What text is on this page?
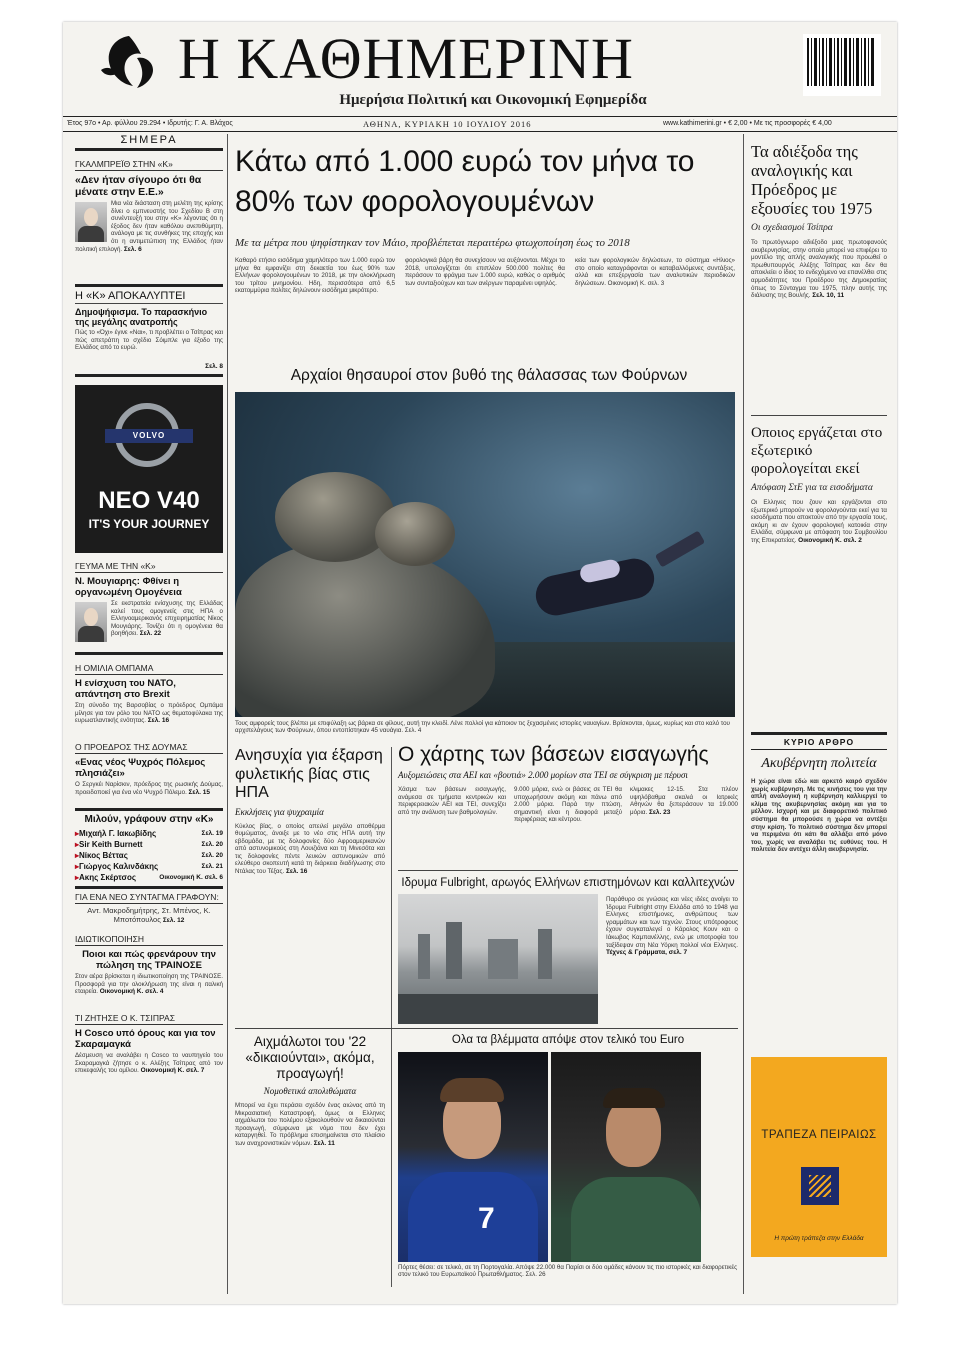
Η ΚΑΘΗΜΕΡΙΝΗ
Ημερήσια Πολιτική και Οικονομική Εφημερίδα
Έτος 97ο • Αρ. φύλλου 29.294 • Ιδρυτής: Γ. Α. Βλάχος	ΑΘΗΝΑ, ΚΥΡΙΑΚΗ 10 ΙΟΥΛΙΟΥ 2016	www.kathimerini.gr • € 2,00 • Με τις προσφορές € 4,00
ΣΗΜΕΡΑ
ΓΚΑΛΜΠΡΕΪΘ ΣΤΗΝ «Κ»
«Δεν ήταν σίγουρο ότι θα μένατε στην Ε.Ε.»
Μια νέα διάσταση στη μελέτη της κρίσης δίνει ο εμπνευστής του Σχεδίου Β στη συνέντευξή του στην «Κ» λέγοντας ότι η έξοδος δεν ήταν καθόλου ανεπιθύμητη, ανάλογα με τις συνθήκες της εποχής και ότι η αντιμετώπιση της Ελλάδος ήταν πολιτική επιλογή. Σελ. 6
Η «Κ» ΑΠΟΚΑΛΥΠΤΕΙ
Δημοψήφισμα. Το παρασκήνιο της μεγάλης ανατροπής
Πώς το «Όχι» έγινε «Ναι», τι προβλέπει ο Τσίπρας και πώς απετράπη το σχέδιο Σόιμπλε για έξοδο της Ελλάδος από το ευρώ.
Σελ. 8
VOLVO
ΝΕΟ V40
IT'S YOUR JOURNEY
ΓΕΥΜΑ ΜΕ ΤΗΝ «Κ»
Ν. Μουγιαρης: Φθίνει η οργανωμένη Ομογένεια
Σε εκστρατεία ενίσχυσης της Ελλάδας καλεί τους ομογενείς στις ΗΠΑ ο Ελληνοαμερικανός επιχειρηματίας Νίκος Μουγιάρης. Τονίζει ότι η ομογένεια θα βοηθήσει. Σελ. 22
Η ΟΜΙΛΙΑ ΟΜΠΑΜΑ
Η ενίσχυση του ΝΑΤΟ, απάντηση στο Brexit
Στη σύνοδο της Βαρσοβίας ο πρόεδρος Ομπάμα μίλησε για τον ρόλο του ΝΑΤΟ ως θεματοφύλακα της ευρωατλαντικής ενότητας. Σελ. 16
Ο ΠΡΟΕΔΡΟΣ ΤΗΣ ΔΟΥΜΑΣ
«Ενας νέος Ψυχρός Πόλεμος πλησιάζει»
Ο Σεργκέι Ναρίσκιν, πρόεδρος της ρωσικής Δούμας, προειδοποιεί για ένα νέο Ψυχρό Πόλεμο. Σελ. 15
Μιλούν, γράφουν στην «Κ»
▸ Μιχαήλ Γ. Ιακωβίδης	Σελ. 19
▸ Sir Keith Burnett	Σελ. 20
▸ Νίκος Βέττας	Σελ. 20
▸ Γιώργος Καλινδάκης	Σελ. 21
▸ Ακης Σκέρτσος	Οικονομική Κ. σελ. 6
ΓΙΑ ΕΝΑ ΝΕΟ ΣΥΝΤΑΓΜΑ ΓΡΑΦΟΥΝ:
Αντ. Μακροδημήτρης, Στ. Μπένος, Κ. Μποτόπουλος Σελ. 12
ΙΔΙΩΤΙΚΟΠΟΙΗΣΗ
Ποιοι και πώς φρενάρουν την πώληση της ΤΡΑΙΝΟΣΕ
Στον αέρα βρίσκεται η ιδιωτικοποίηση της ΤΡΑΙΝΟΣΕ. Προσφορά για την ολοκλήρωση της είναι η ιταλική εταιρεία. Οικονομική Κ. σελ. 4
ΤΙ ΖΗΤΗΣΕ Ο Κ. ΤΣΙΠΡΑΣ
Η Cosco υπό όρους και για τον Σκαραμαγκά
Δέσμευση να αναλάβει η Cosco το ναυπηγείο του Σκαραμαγκά ζήτησε ο κ. Αλέξης Τσίπρας από τον επικεφαλής του ομίλου. Οικονομική Κ. σελ. 7
Κάτω από 1.000 ευρώ τον μήνα το 80% των φορολογουμένων
Με τα μέτρα που ψηφίστηκαν τον Μάιο, προβλέπεται περαιτέρω φτωχοποίηση έως το 2018
Καθαρό ετήσιο εισόδημα χαμηλότερο των 1.000 ευρώ τον μήνα θα εμφανίζει στη δεκαετία του έως 90% των Ελλήνων φορολογουμένων το 2018, με την ολοκλήρωση του τρίτου μνημονίου. Ηδη, περισσότερα από 6,5 εκατομμύρια πολίτες δηλώνουν εισόδημα μικρότερο.
φορολογικά βάρη θα συνεχίσουν να αυξάνονται. Μέχρι το 2018, υπολογίζεται ότι επιπλέον 500.000 πολίτες θα περάσουν το φράγμα των 1.000 ευρώ, καθώς ο αριθμός των συνταξιούχων και των ανέργων παραμένει υψηλός.
κεία των φορολογικών δηλώσεων, το σύστημα «Ηλιος» στο οποίο καταγράφονται οι καταβαλλόμενες συντάξεις, αλλά και επεξεργασία των αναλυτικών περιοδικών δηλώσεων. Οικονομική Κ. σελ. 3
Αρχαίοι θησαυροί στον βυθό της θάλασσας των Φούρνων
Τους αμφορείς τους βλέπει με επιφύλαξη ως βάρκα σε φίλους, αυτή την κλειδί. Λένε πολλοί για κάποιον τις ξεχασμένες ιστορίες ναυαγίων. Βρίσκονται, όμως, κυρίως και στο καλό του αρχιπελάγους των Φούρνων, όπου εντοπίστηκαν 45 ναυάγια. Σελ. 4
Τα αδιέξοδα της αναλογικής και Πρόεδρος με εξουσίες του 1975
Οι σχεδιασμοί Τσίπρα
Το πρωτόγνωρο αδιέξοδο μιας πρωτοφανούς ακυβερνησίας, στην οποία μπορεί να επιφέρει το μοντέλο της απλής αναλογικής που προωθεί ο πρωθυπουργός Αλέξης Τσίπρας και δεν θα αποκλείει ο ίδιος το ενδεχόμενο να επανέλθει στις αρμοδιότητες του Προέδρου της Δημοκρατίας όπως το Σύνταγμα του 1975, πλην αυτής της διάλυσης της Βουλής. Σελ. 10, 11
Οποιος εργάζεται στο εξωτερικό φορολογείται εκεί
Απόφαση ΣτΕ για τα εισοδήματα
Οι Ελληνες που ζουν και εργάζονται στο εξωτερικό μπορούν να φορολογούνται εκεί για τα εισοδήματα που αποκτούν από την εργασία τους, ακόμη κι αν έχουν φορολογική κατοικία στην Ελλάδα, σύμφωνα με απόφαση του Συμβουλίου της Επικρατείας. Οικονομική Κ. σελ. 2
ΚΥΡΙΟ ΑΡΘΡΟ
Ακυβέρνητη πολιτεία
Η χώρα είναι εδώ και αρκετό καιρό σχεδόν χωρίς κυβέρνηση. Με τις κινήσεις του για την απλή αναλογική η κυβέρνηση καλλιεργεί το κλίμα της ακυβερνησίας ακόμη και για το μέλλον. Ισχυρή και με διαφορετικό πολιτικό σύστημα θα μπορούσε η χώρα να αντέξει στην κρίση. Το πολιτικό σύστημα δεν μπορεί να περιμένει ότι κάτι θα αλλάξει από μόνο του, χωρίς να αναλάβει τις ευθύνες του. Η πολιτεία δεν αντέχει άλλη ακυβερνησία.
Ανησυχία για έξαρση φυλετικής βίας στις ΗΠΑ
Εκκλήσεις για ψυχραιμία
Κύκλος βίας, ο οποίος απειλεί μεγάλο αποθέρμα θυμώματος, άνοιξε με το νέο στις ΗΠΑ αυτή την εβδομάδα, με τις δολοφονίες δύο Αφροαμερικανών από αστυνομικούς στη Λουιζιάνα και τη Μινεσότα και τις δολοφονίες πέντε λευκών αστυνομικών από ελεύθερο σκοπευτή κατά τη διάρκεια διαδήλωσης στο Ντάλας του Τέξας. Σελ. 16
Ο χάρτης των βάσεων εισαγωγής
Αυξομειώσεις στα ΑΕΙ και «βουτιά» 2.000 μορίων στα ΤΕΙ σε σύγκριση με πέρυσι
Χάσμα των βάσεων εισαγωγής, ανάμεσα σε τμήματα κεντρικών και περιφερειακών ΑΕΙ και ΤΕΙ, συνεχίζει από την ανάλυση των βαθμολογιών.
9.000 μόρια, ενώ οι βάσεις σε ΤΕΙ θα υποχωρήσουν ακόμη και πάνω από 2.000 μόρια. Παρά την πτώση, σημαντική είναι η διαφορά μεταξύ περιφέρειας και κέντρου.
κλιμακες 12-15. Στα πλέον υψηλόβαθμα σκαλιά οι Ιατρικές Αθηνών θα ξεπεράσουν τα 19.000 μόρια. Σελ. 23
Ιδρυμα Fulbright, αρωγός Ελλήνων επιστημόνων και καλλιτεχνών
Παράθυρο σε γνώσεις και νέες ιδέες ανοίγει το Ίδρυμα Fulbright στην Ελλάδα από το 1948 για Ελληνες επιστήμονες, ανθρώπους των γραμμάτων και των τεχνών. Στους υπότροφους έχουν συγκαταλεγεί ο Κάρολος Κουν και ο Ιάκωβος Καμπανέλλης, ενώ με υποτροφία του ταξίδεψαν στη Νέα Υόρκη πολλοί νέοι Ελληνες. Τέχνες & Γράμματα, σελ. 7
Αιχμάλωτοι του '22 «δικαιούνται», ακόμα, προαγωγή!
Νομοθετικά απολιθώματα
Μπορεί να έχει περάσει σχεδόν ένας αιώνας από τη Μικρασιατική Καταστροφή, όμως οι Ελληνες αιχμάλωτοι του πολέμου εξακολουθούν να δικαιούνται προαγωγή, σύμφωνα με νόμο που δεν έχει καταργηθεί. Το πρόβλημα επισημαίνεται στο πλαίσιο των αναχρονιστικών νόμων. Σελ. 11
Ολα τα βλέμματα απόψε στον τελικό του Euro
7
Πόρτες θέσει: σε τελικό, σε τη Πορτογαλία. Απόψε 22.000 θα Παρίσι οι δύο ομάδες κάνουν τις πιο ιστορικές και διαφορετικές στον τελικό του Ευρωπαϊκού Πρωταθλήματος. Σελ. 26
ΤΡΑΠΕΖΑ ΠΕΙΡΑΙΩΣ
Η πρώτη τράπεζα στην Ελλάδα
